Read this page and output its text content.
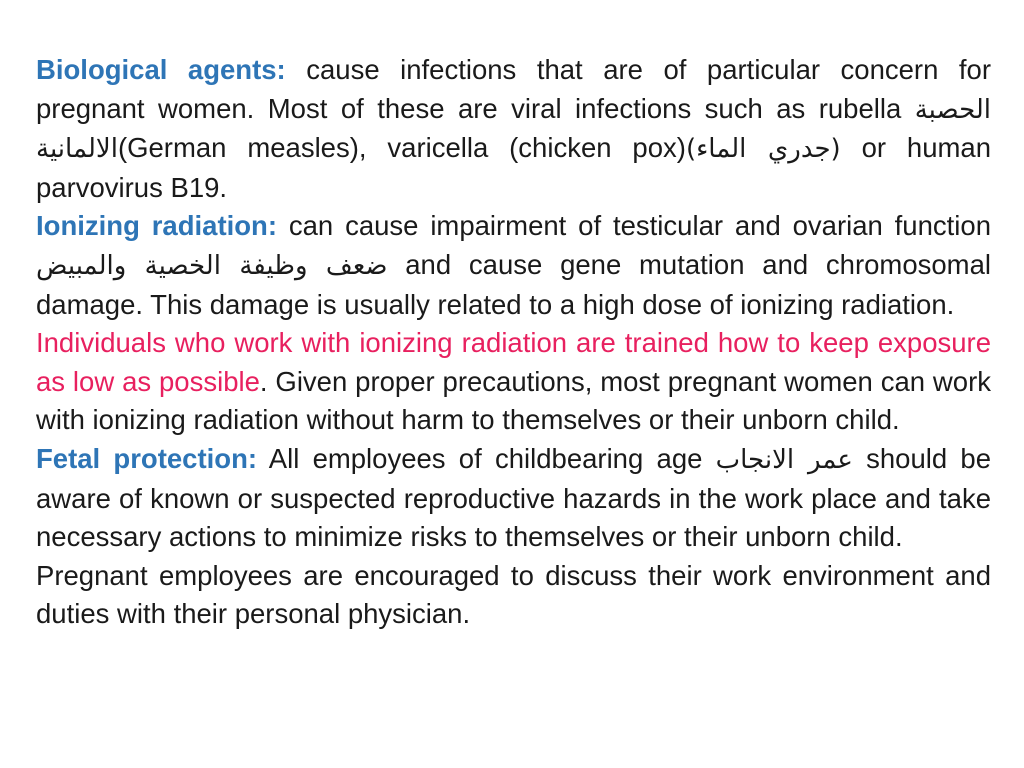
Biological agents: cause infections that are of particular concern for pregnant women. Most of these are viral infections such as rubella الحصبة الالمانية(German measles), varicella (chicken pox)(جدري الماء) or human parvovirus B19.

Ionizing radiation: can cause impairment of testicular and ovarian function ضعف وظيفة الخصية والمبيض and cause gene mutation and chromosomal damage. This damage is usually related to a high dose of ionizing radiation.

Individuals who work with ionizing radiation are trained how to keep exposure as low as possible. Given proper precautions, most pregnant women can work with ionizing radiation without harm to themselves or their unborn child.

Fetal protection: All employees of childbearing age عمر الانجاب should be aware of known or suspected reproductive hazards in the work place and take necessary actions to minimize risks to themselves or their unborn child.

Pregnant employees are encouraged to discuss their work environment and duties with their personal physician.
